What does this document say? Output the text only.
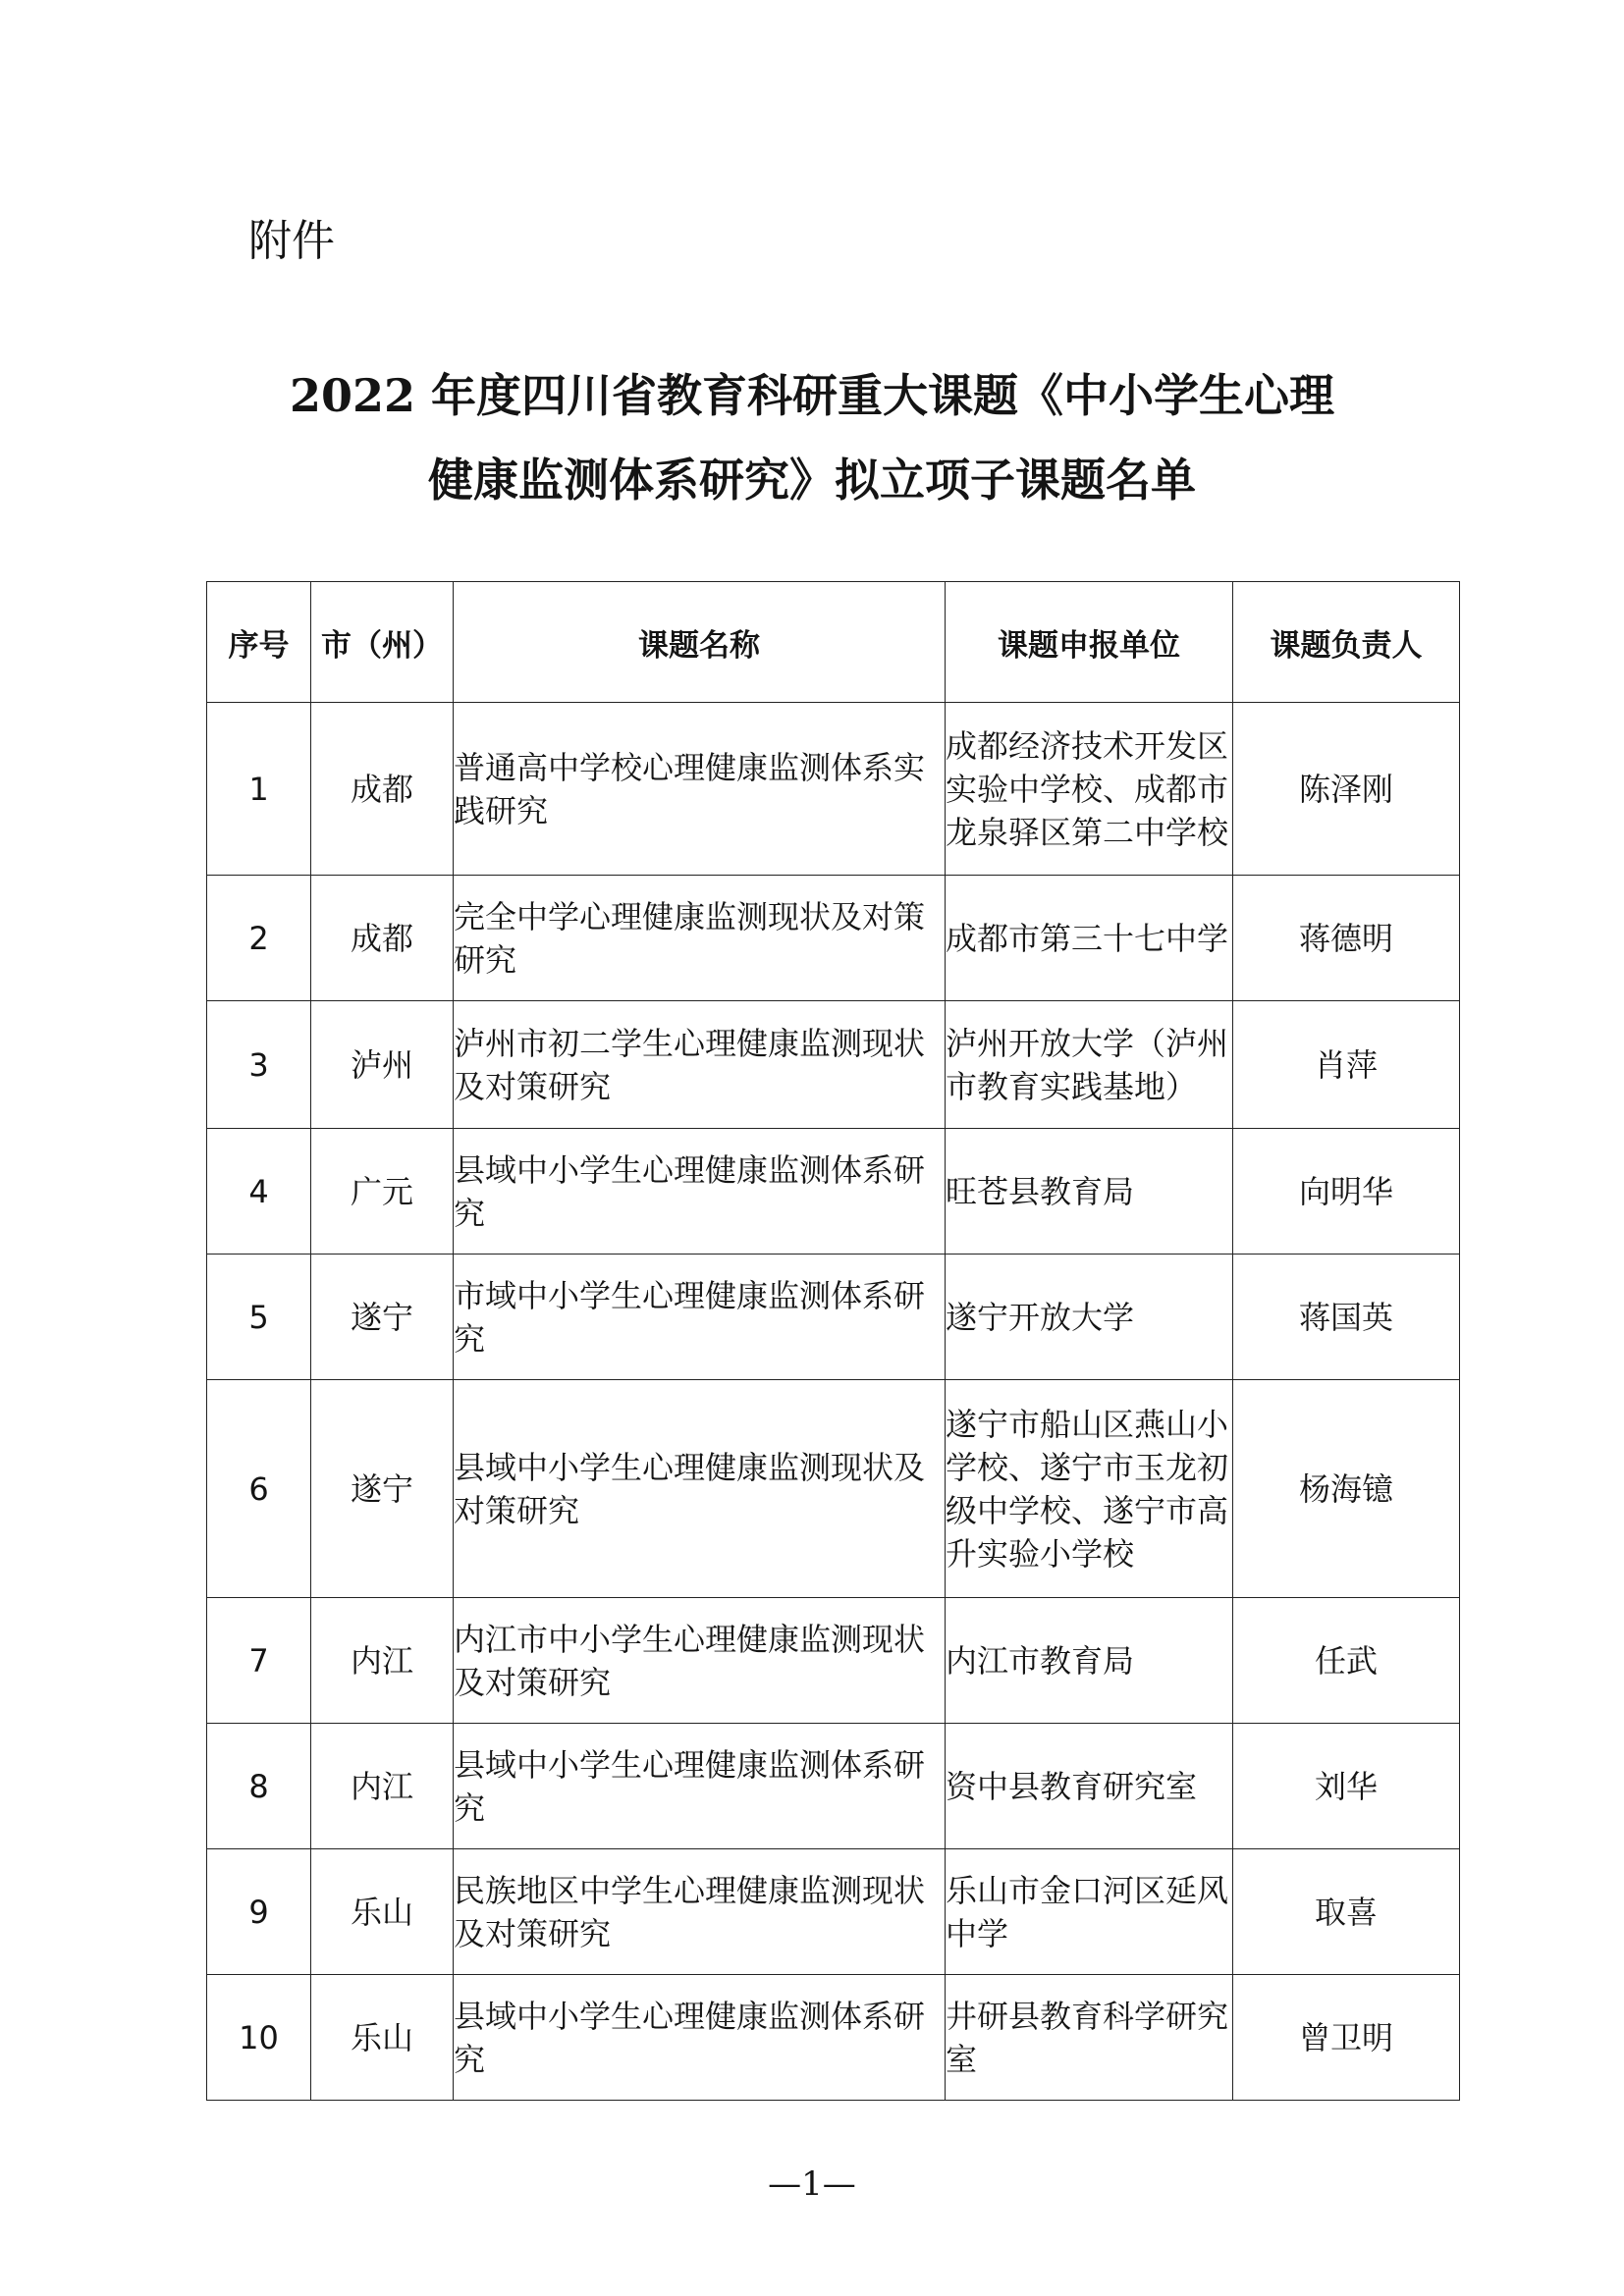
附件
2022 年度四川省教育科研重大课题《中小学生心理
健康监测体系研究》拟立项子课题名单
序号	市（州）	课题名称	课题申报单位	课题负责人
1	成都	普通高中学校心理健康监测体系实践研究	成都经济技术开发区实验中学校、成都市龙泉驿区第二中学校	陈泽刚
2	成都	完全中学心理健康监测现状及对策研究	成都市第三十七中学	蒋德明
3	泸州	泸州市初二学生心理健康监测现状及对策研究	泸州开放大学（泸州市教育实践基地）	肖萍
4	广元	县域中小学生心理健康监测体系研究	旺苍县教育局	向明华
5	遂宁	市域中小学生心理健康监测体系研究	遂宁开放大学	蒋国英
6	遂宁	县域中小学生心理健康监测现状及对策研究	遂宁市船山区燕山小学校、遂宁市玉龙初级中学校、遂宁市高升实验小学校	杨海镱
7	内江	内江市中小学生心理健康监测现状及对策研究	内江市教育局	任武
8	内江	县域中小学生心理健康监测体系研究	资中县教育研究室	刘华
9	乐山	民族地区中学生心理健康监测现状及对策研究	乐山市金口河区延风中学	取喜
10	乐山	县域中小学生心理健康监测体系研究	井研县教育科学研究室	曾卫明
—1—
